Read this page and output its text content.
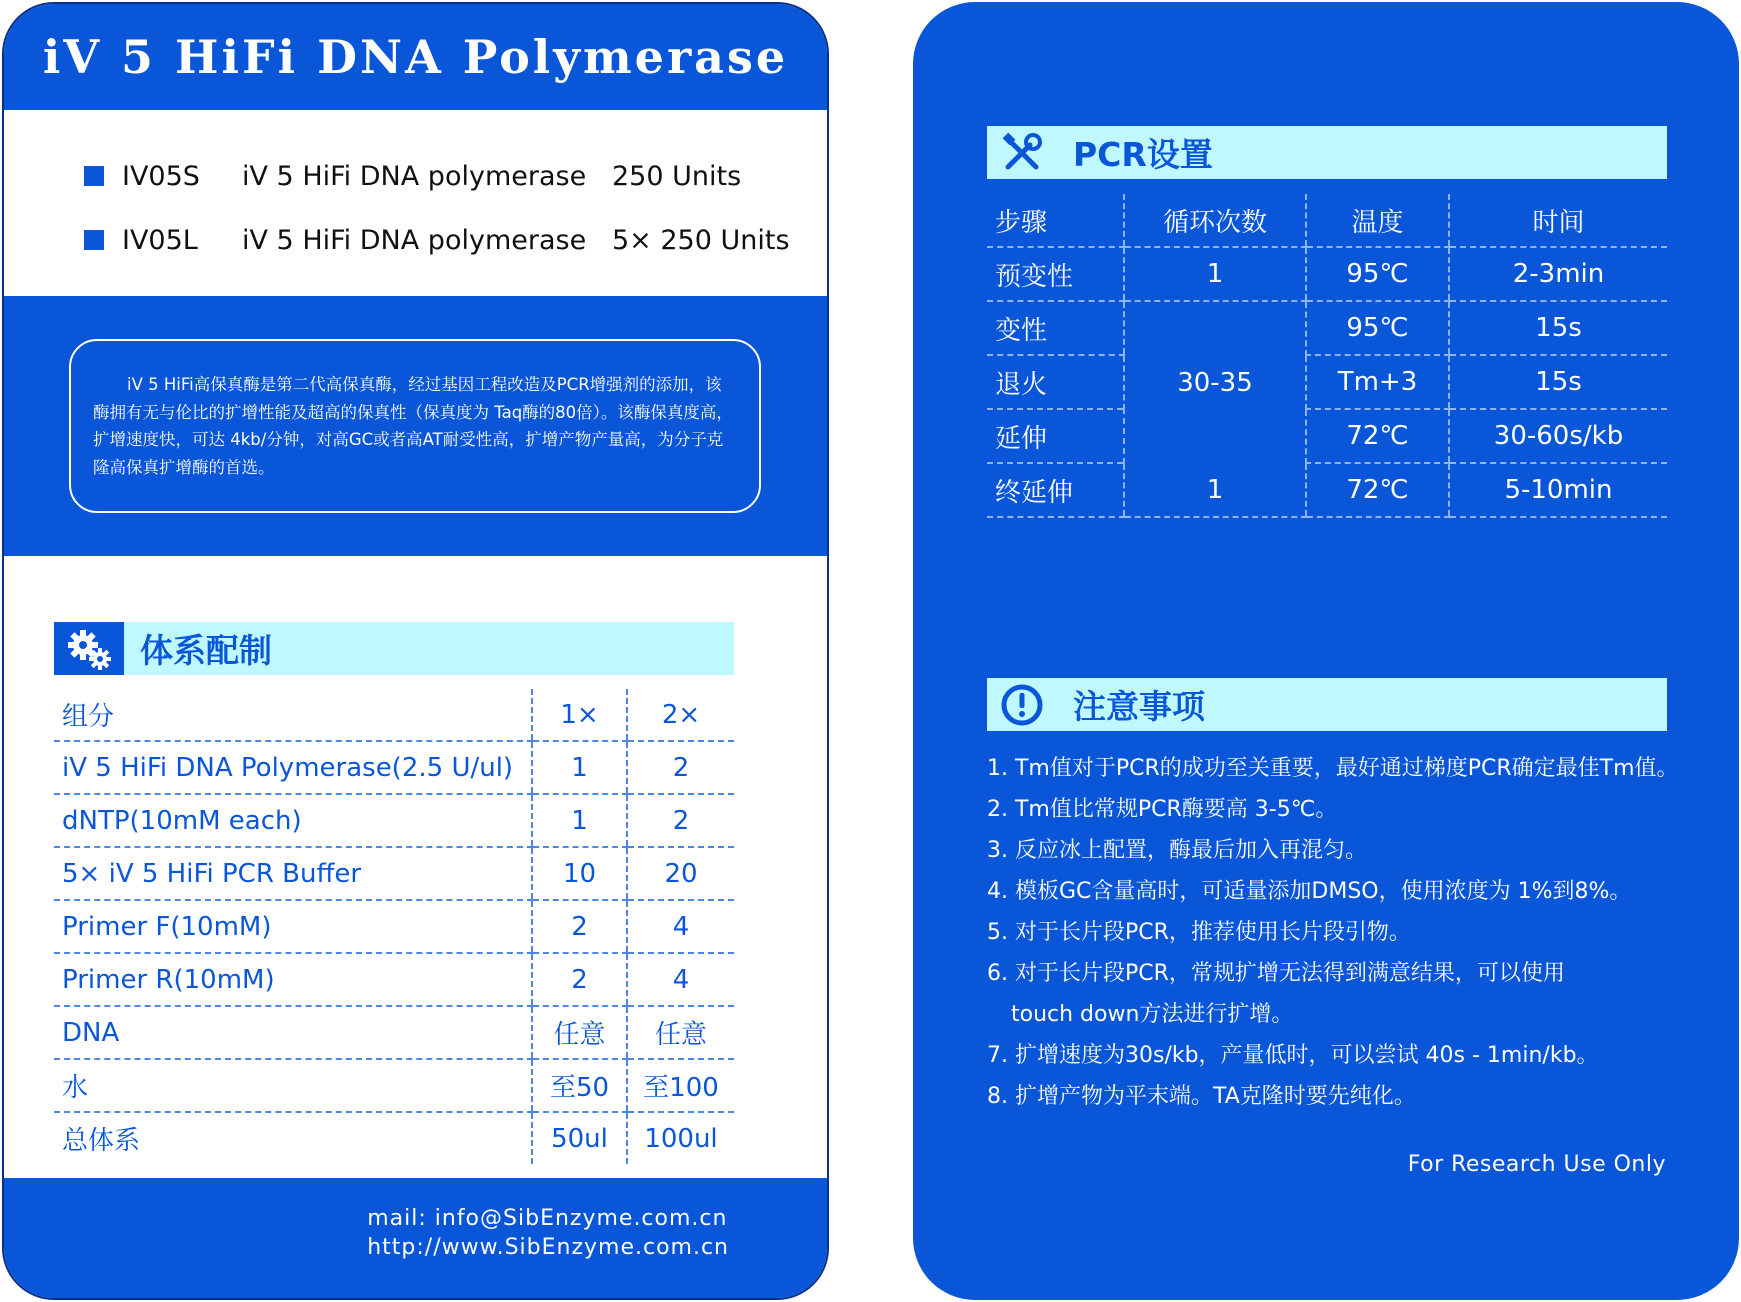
iV 5 HiFi DNA Polymerase
IV05S	iV 5 HiFi DNA polymerase 250 Units
IV05L	iV 5 HiFi DNA polymerase 5× 250 Units
iV 5 HiFi高保真酶是第二代高保真酶，经过基因工程改造及PCR增强剂的添加，该酶拥有无与伦比的扩增性能及超高的保真性（保真度为 Taq酶的80倍）。该酶保真度高，扩增速度快，可达 4kb/分钟，对高GC或者高AT耐受性高，扩增产物产量高，为分子克隆高保真扩增酶的首选。
体系配制
组分	1×	2×
iV 5 HiFi DNA Polymerase(2.5 U/ul)	1	2
dNTP(10mM each)	1	2
5× iV 5 HiFi PCR Buffer	10	20
Primer F(10mM)	2	4
Primer R(10mM)	2	4
DNA	任意	任意
水	至50	至100
总体系	50ul	100ul
mail: info@SibEnzyme.com.cn
http://www.SibEnzyme.com.cn
PCR设置
步骤	循环次数	温度	时间
预变性	1	95℃	2-3min
变性	30-35	95℃	15s
退火		Tm+3	15s
延伸		72℃	30-60s/kb
终延伸	1	72℃	5-10min
注意事项
1. Tm值对于PCR的成功至关重要，最好通过梯度PCR确定最佳Tm值。
2. Tm值比常规PCR酶要高 3-5℃。
3. 反应冰上配置，酶最后加入再混匀。
4. 模板GC含量高时，可适量添加DMSO，使用浓度为 1%到8%。
5. 对于长片段PCR，推荐使用长片段引物。
6. 对于长片段PCR，常规扩增无法得到满意结果，可以使用
touch down方法进行扩增。
7. 扩增速度为30s/kb，产量低时，可以尝试 40s - 1min/kb。
8. 扩增产物为平末端。TA克隆时要先纯化。
For Research Use Only
